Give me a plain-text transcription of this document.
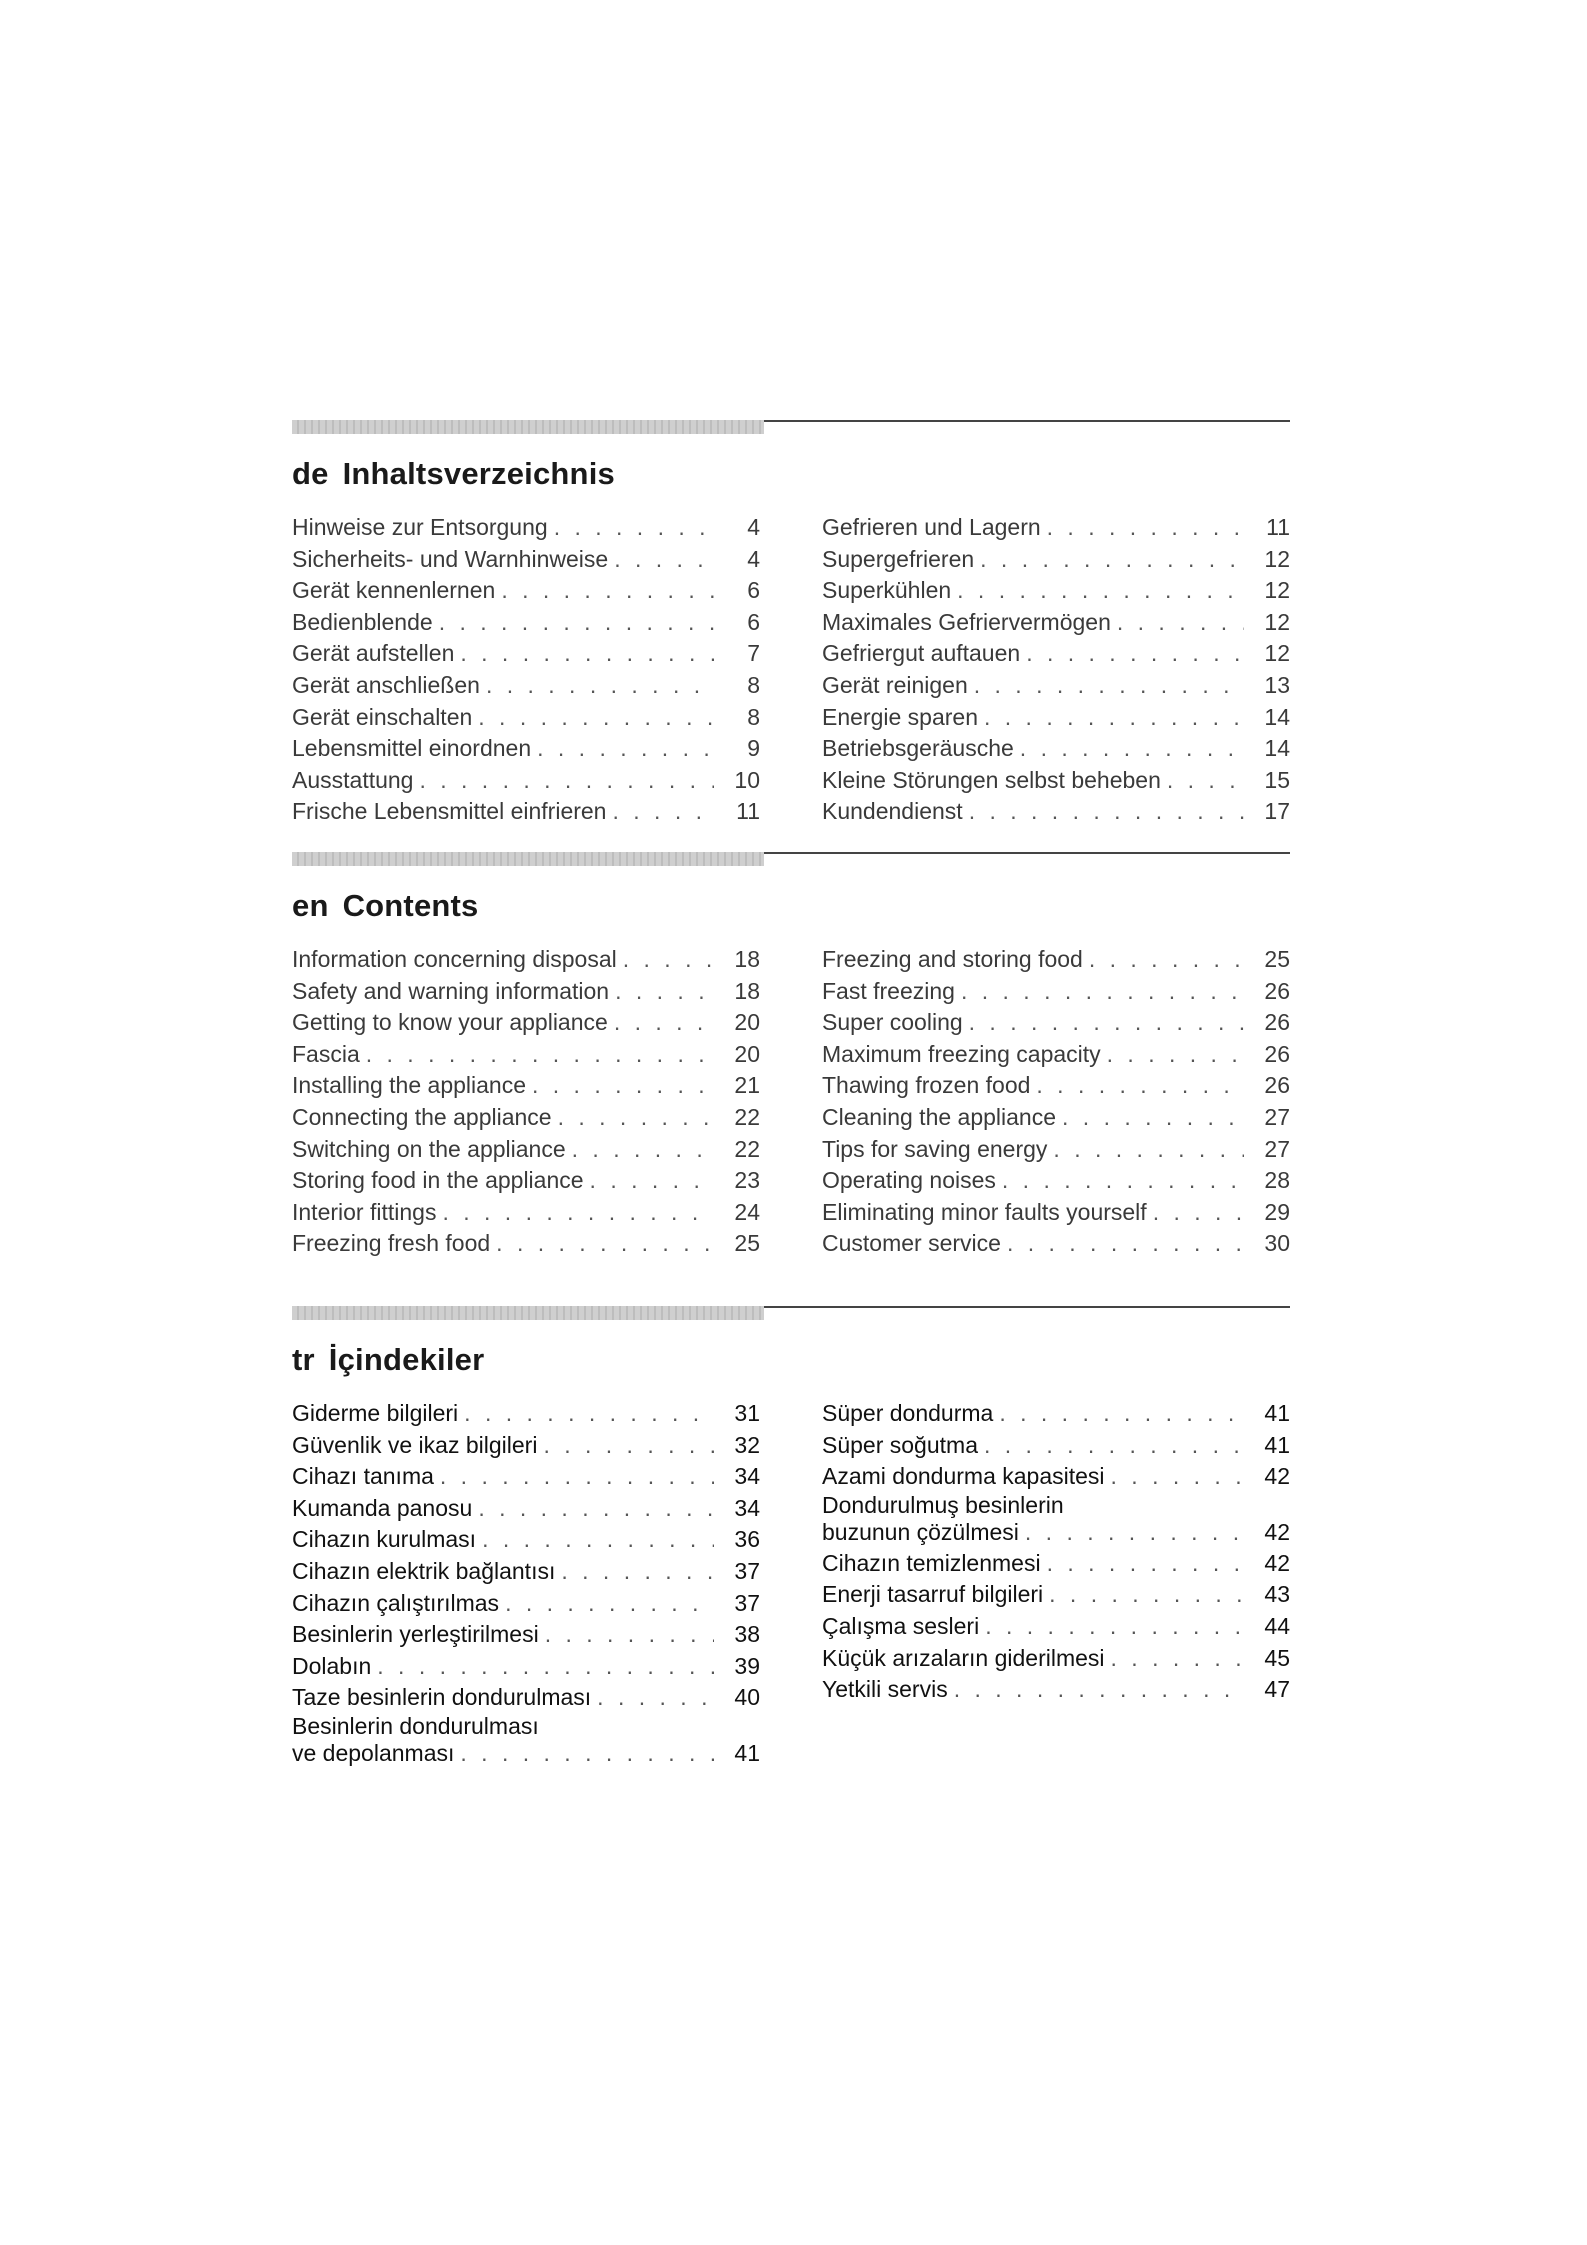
de Inhaltsverzeichnis
Hinweise zur Entsorgung . . .	4
Sicherheits- und Warnhinweise . . .	4
Gerät kennenlernen . . .	6
Bedienblende . . .	6
Gerät aufstellen . . .	7
Gerät anschließen . . .	8
Gerät einschalten . . .	8
Lebensmittel einordnen . . .	9
Ausstattung . . .	10
Frische Lebensmittel einfrieren . . .	11
Gefrieren und Lagern . . .	11
Supergefrieren . . .	12
Superkühlen . . .	12
Maximales Gefriervermögen . . .	12
Gefriergut auftauen . . .	12
Gerät reinigen . . .	13
Energie sparen . . .	14
Betriebsgeräusche . . .	14
Kleine Störungen selbst beheben . . .	15
Kundendienst . . .	17
en Contents
Information concerning disposal . . .	18
Safety and warning information . . .	18
Getting to know your appliance . . .	20
Fascia . . .	20
Installing the appliance . . .	21
Connecting the appliance . . .	22
Switching on the appliance . . .	22
Storing food in the appliance . . .	23
Interior fittings . . .	24
Freezing fresh food . . .	25
Freezing and storing food . . .	25
Fast freezing . . .	26
Super cooling . . .	26
Maximum freezing capacity . . .	26
Thawing frozen food . . .	26
Cleaning the appliance . . .	27
Tips for saving energy . . .	27
Operating noises . . .	28
Eliminating minor faults yourself . . .	29
Customer service . . .	30
tr İçindekiler
Giderme bilgileri . . .	31
Güvenlik ve ikaz bilgileri . . .	32
Cihazı tanıma . . .	34
Kumanda panosu . . .	34
Cihazın kurulması . . .	36
Cihazın elektrik bağlantısı . . .	37
Cihazın çalıştırılmas . . .	37
Besinlerin yerleştirilmesi . . .	38
Dolabın . . .	39
Taze besinlerin dondurulması . . .	40
Besinlerin dondurulması
ve depolanması . . .	41
Süper dondurma . . .	41
Süper soğutma . . .	41
Azami dondurma kapasitesi . . .	42
Dondurulmuş besinlerin
buzunun çözülmesi . . .	42
Cihazın temizlenmesi . . .	42
Enerji tasarruf bilgileri . . .	43
Çalışma sesleri . . .	44
Küçük arızaların giderilmesi . . .	45
Yetkili servis . . .	47
